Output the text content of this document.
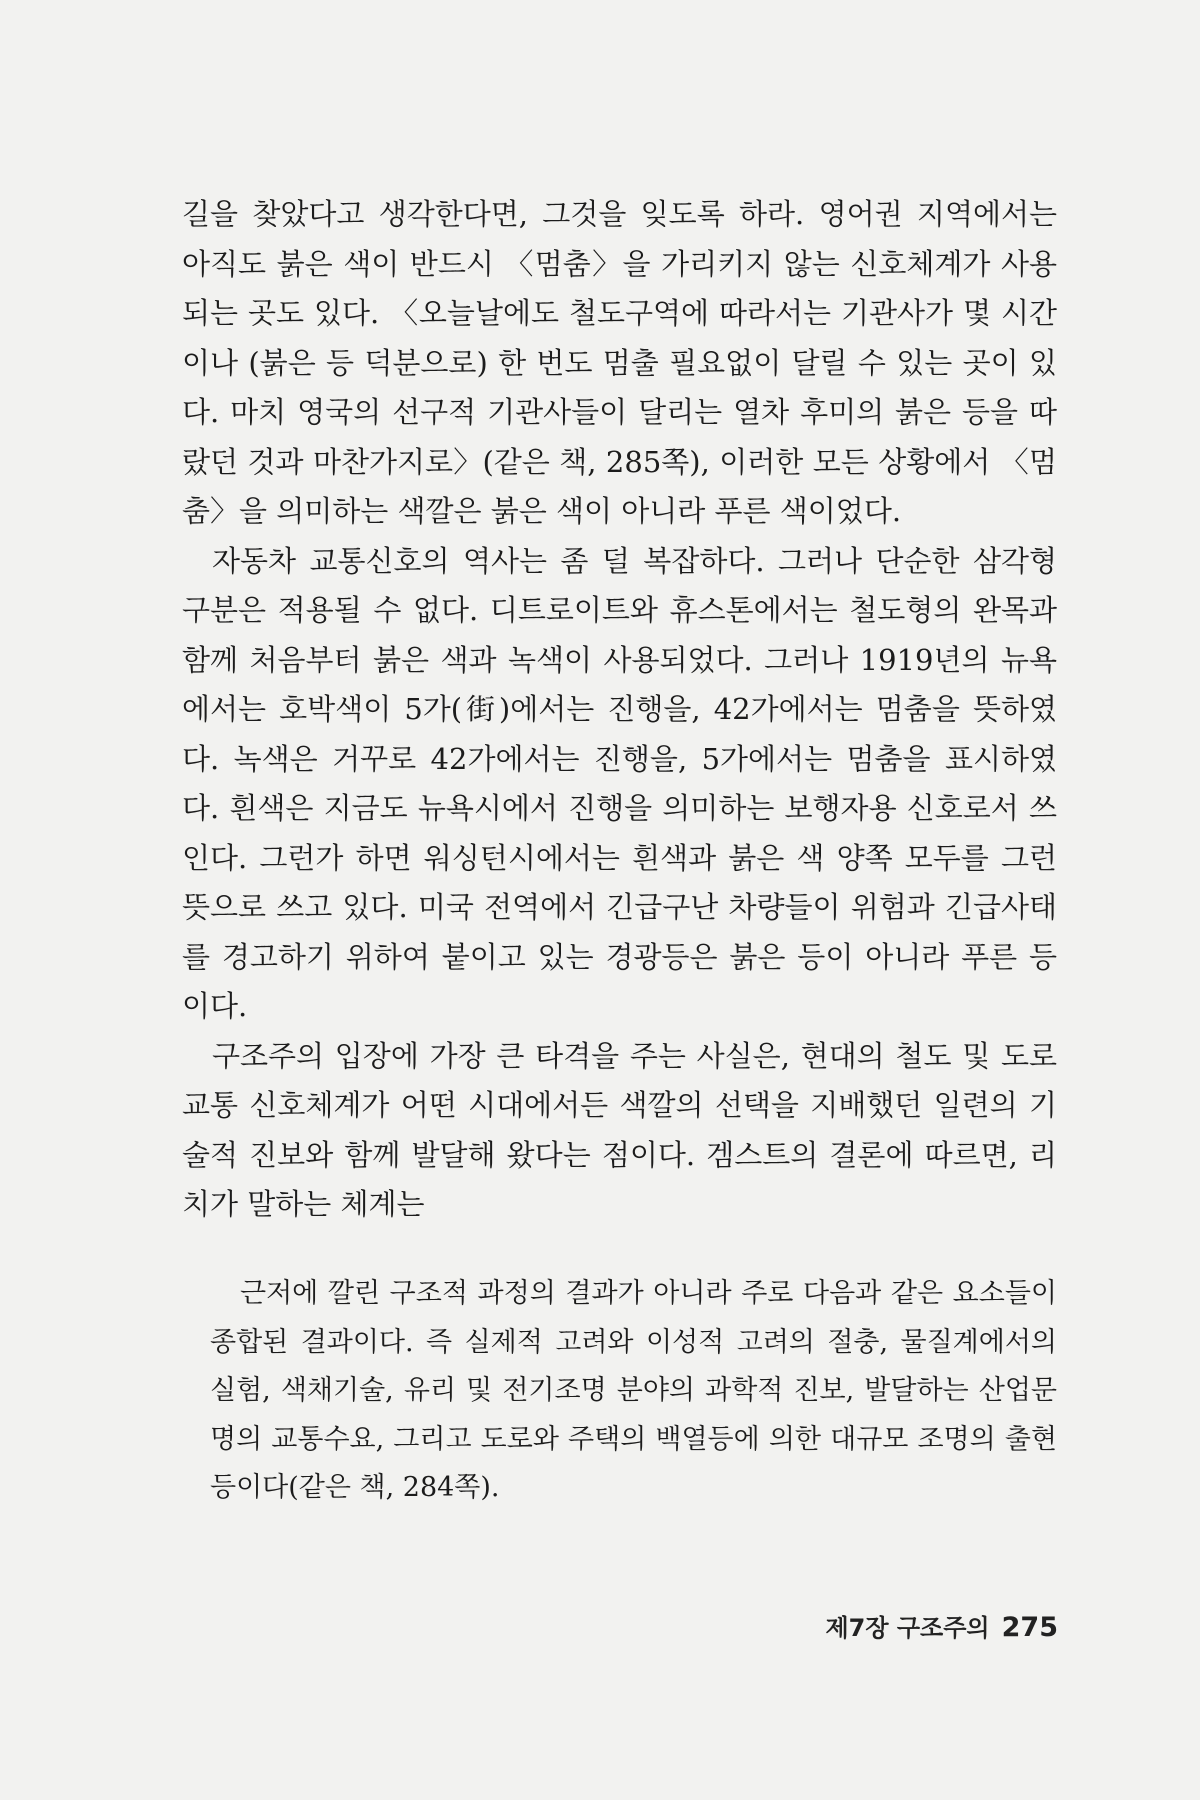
길을 찾았다고 생각한다면, 그것을 잊도록 하라. 영어권 지역에서는 아직도 붉은 색이 반드시 〈멈춤〉을 가리키지 않는 신호체계가 사용되는 곳도 있다. 〈오늘날에도 철도구역에 따라서는 기관사가 몇 시간이나 (붉은 등 덕분으로) 한 번도 멈출 필요없이 달릴 수 있는 곳이 있다. 마치 영국의 선구적 기관사들이 달리는 열차 후미의 붉은 등을 따랐던 것과 마찬가지로〉(같은 책, 285쪽), 이러한 모든 상황에서 〈멈춤〉을 의미하는 색깔은 붉은 색이 아니라 푸른 색이었다.

자동차 교통신호의 역사는 좀 덜 복잡하다. 그러나 단순한 삼각형 구분은 적용될 수 없다. 디트로이트와 휴스톤에서는 철도형의 완목과 함께 처음부터 붉은 색과 녹색이 사용되었다. 그러나 1919년의 뉴욕에서는 호박색이 5가(街)에서는 진행을, 42가에서는 멈춤을 뜻하였다. 녹색은 거꾸로 42가에서는 진행을, 5가에서는 멈춤을 표시하였다. 흰색은 지금도 뉴욕시에서 진행을 의미하는 보행자용 신호로서 쓰인다. 그런가 하면 워싱턴시에서는 흰색과 붉은 색 양쪽 모두를 그런 뜻으로 쓰고 있다. 미국 전역에서 긴급구난 차량들이 위험과 긴급사태를 경고하기 위하여 붙이고 있는 경광등은 붉은 등이 아니라 푸른 등이다.

구조주의 입장에 가장 큰 타격을 주는 사실은, 현대의 철도 및 도로교통 신호체계가 어떤 시대에서든 색깔의 선택을 지배했던 일련의 기술적 진보와 함께 발달해 왔다는 점이다. 겜스트의 결론에 따르면, 리치가 말하는 체계는

근저에 깔린 구조적 과정의 결과가 아니라 주로 다음과 같은 요소들이 종합된 결과이다. 즉 실제적 고려와 이성적 고려의 절충, 물질계에서의 실험, 색채기술, 유리 및 전기조명 분야의 과학적 진보, 발달하는 산업문명의 교통수요, 그리고 도로와 주택의 백열등에 의한 대규모 조명의 출현 등이다(같은 책, 284쪽).

제7장 구조주의 275
